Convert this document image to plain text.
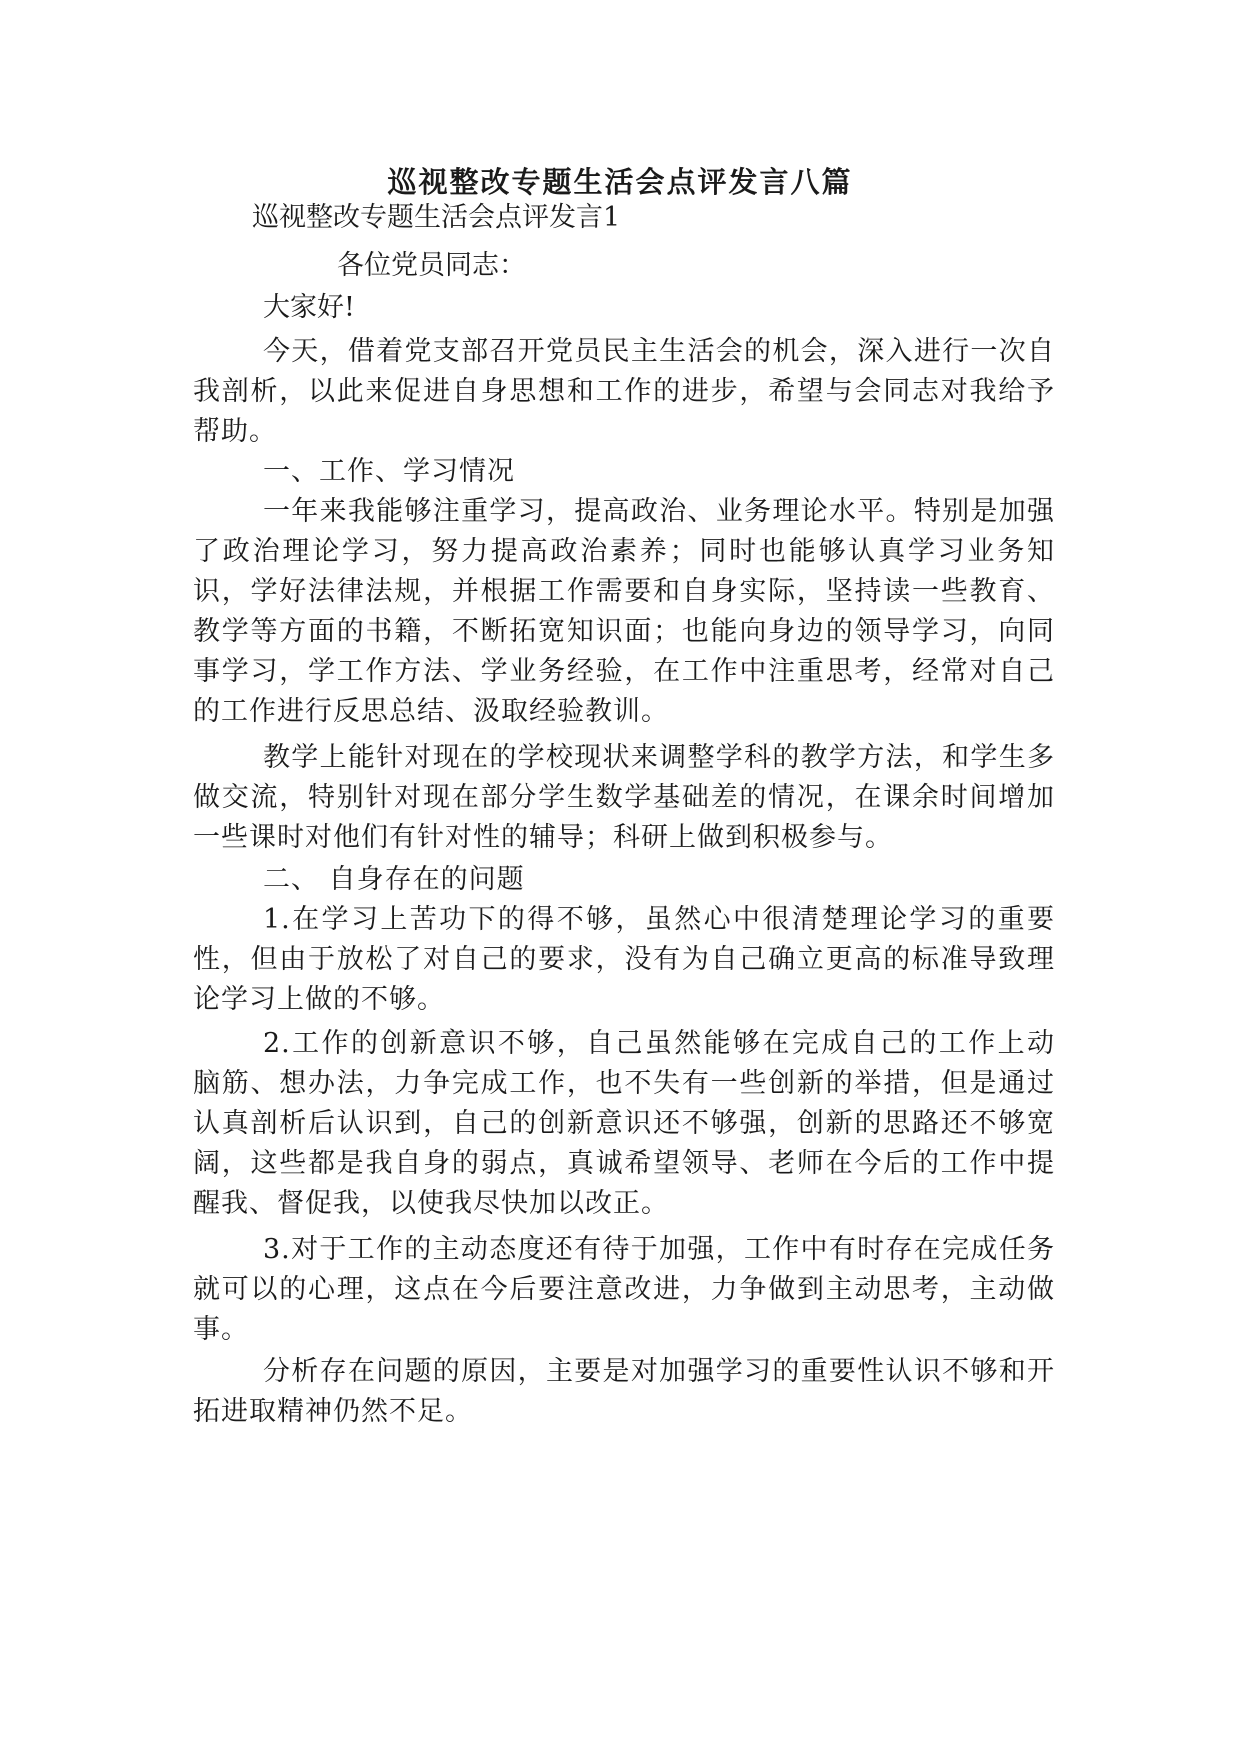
巡视整改专题生活会点评发言八篇

巡视整改专题生活会点评发言1

各位党员同志：

大家好!

今天，借着党支部召开党员民主生活会的机会，深入进行一次自我剖析，以此来促进自身思想和工作的进步，希望与会同志对我给予帮助。

一、工作、学习情况

一年来我能够注重学习，提高政治、业务理论水平。特别是加强了政治理论学习，努力提高政治素养；同时也能够认真学习业务知识，学好法律法规，并根据工作需要和自身实际，坚持读一些教育、 教学等方面的书籍，不断拓宽知识面；也能向身边的领导学习，向同 事学习，学工作方法、学业务经验，在工作中注重思考，经常对自己 的工作进行反思总结、汲取经验教训。

教学上能针对现在的学校现状来调整学科的教学方法，和学生多做交流，特别针对现在部分学生数学基础差的情况，在课余时间增加一些课时对他们有针对性的辅导；科研上做到积极参与。

二、 自身存在的问题

1.在学习上苦功下的得不够，虽然心中很清楚理论学习的重要性，但由于放松了对自己的要求，没有为自己确立更高的标准导致理论学习上做的不够。

2.工作的创新意识不够，自己虽然能够在完成自己的工作上动 脑筋、想办法，力争完成工作，也不失有一些创新的举措，但是通过 认真剖析后认识到，自己的创新意识还不够强，创新的思路还不够宽 阔，这些都是我自身的弱点，真诚希望领导、老师在今后的工作中提 醒我、督促我，以使我尽快加以改正。

3.对于工作的主动态度还有待于加强，工作中有时存在完成任务就可以的心理，这点在今后要注意改进，力争做到主动思考，主动做事。

分析存在问题的原因，主要是对加强学习的重要性认识不够和开拓进取精神仍然不足。
